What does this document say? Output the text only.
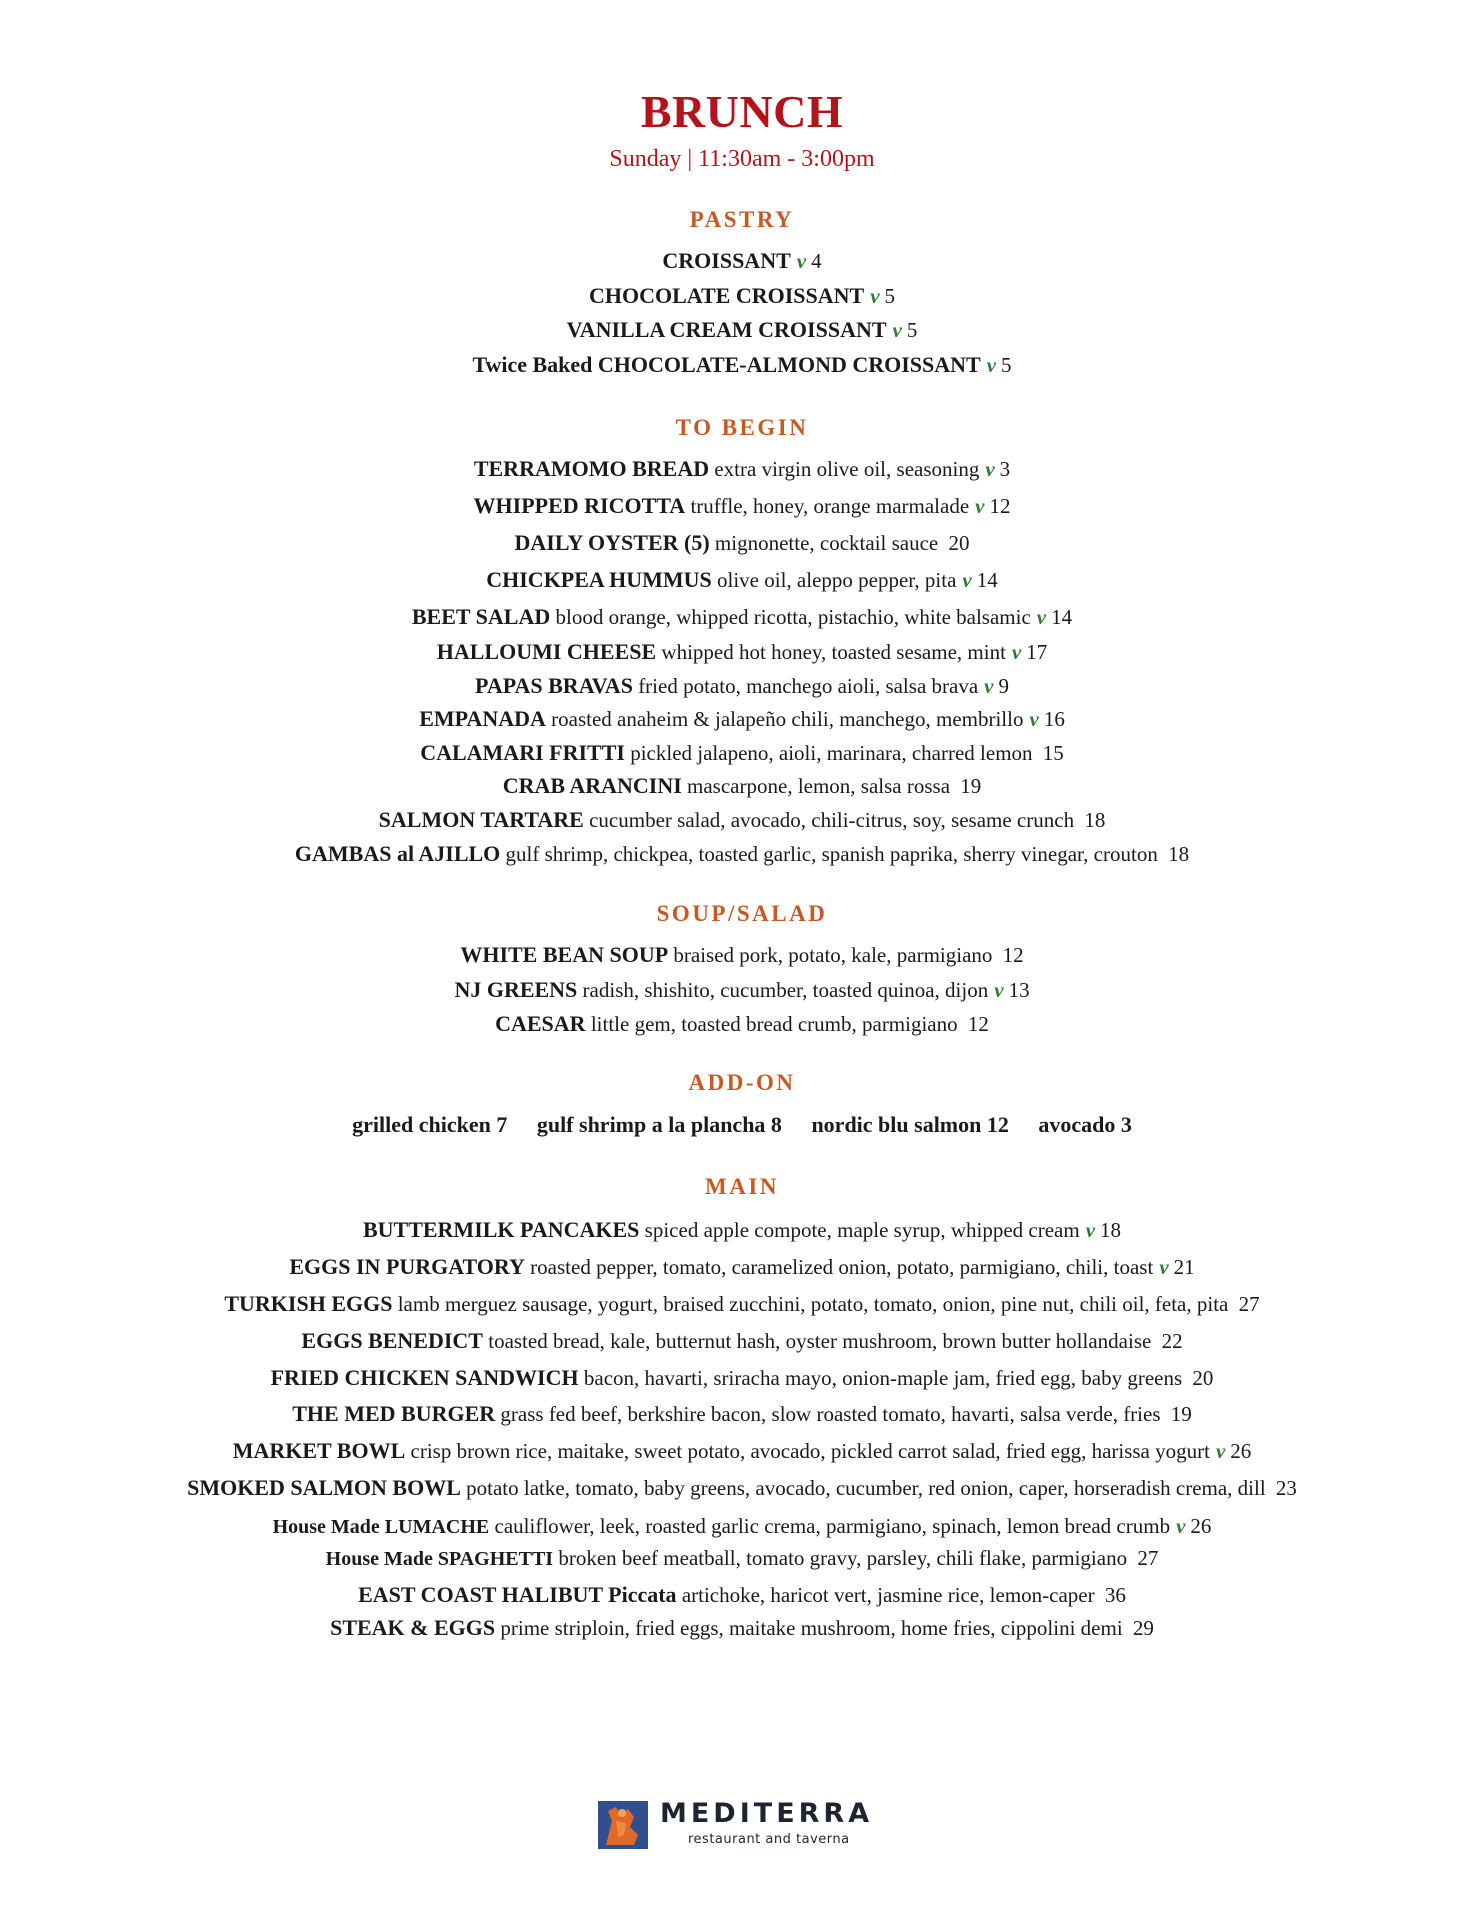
BRUNCH
Sunday | 11:30am - 3:00pm
PASTRY
CROISSANT v 4
CHOCOLATE CROISSANT v 5
VANILLA CREAM CROISSANT v 5
Twice Baked CHOCOLATE-ALMOND CROISSANT v 5
TO BEGIN
TERRAMOMO BREAD extra virgin olive oil, seasoning v 3
WHIPPED RICOTTA truffle, honey, orange marmalade v 12
DAILY OYSTER (5) mignonette, cocktail sauce 20
CHICKPEA HUMMUS olive oil, aleppo pepper, pita v 14
BEET SALAD blood orange, whipped ricotta, pistachio, white balsamic v 14
HALLOUMI CHEESE whipped hot honey, toasted sesame, mint v 17
PAPAS BRAVAS fried potato, manchego aioli, salsa brava v 9
EMPANADA roasted anaheim & jalapeño chili, manchego, membrillo v 16
CALAMARI FRITTI pickled jalapeno, aioli, marinara, charred lemon 15
CRAB ARANCINI mascarpone, lemon, salsa rossa 19
SALMON TARTARE cucumber salad, avocado, chili-citrus, soy, sesame crunch 18
GAMBAS al AJILLO gulf shrimp, chickpea, toasted garlic, spanish paprika, sherry vinegar, crouton 18
SOUP/SALAD
WHITE BEAN SOUP braised pork, potato, kale, parmigiano 12
NJ GREENS radish, shishito, cucumber, toasted quinoa, dijon v 13
CAESAR little gem, toasted bread crumb, parmigiano 12
ADD-ON
grilled chicken 7 gulf shrimp a la plancha 8 nordic blu salmon 12 avocado 3
MAIN
BUTTERMILK PANCAKES spiced apple compote, maple syrup, whipped cream v 18
EGGS IN PURGATORY roasted pepper, tomato, caramelized onion, potato, parmigiano, chili, toast v 21
TURKISH EGGS lamb merguez sausage, yogurt, braised zucchini, potato, tomato, onion, pine nut, chili oil, feta, pita 27
EGGS BENEDICT toasted bread, kale, butternut hash, oyster mushroom, brown butter hollandaise 22
FRIED CHICKEN SANDWICH bacon, havarti, sriracha mayo, onion-maple jam, fried egg, baby greens 20
THE MED BURGER grass fed beef, berkshire bacon, slow roasted tomato, havarti, salsa verde, fries 19
MARKET BOWL crisp brown rice, maitake, sweet potato, avocado, pickled carrot salad, fried egg, harissa yogurt v 26
SMOKED SALMON BOWL potato latke, tomato, baby greens, avocado, cucumber, red onion, caper, horseradish crema, dill 23
House Made LUMACHE cauliflower, leek, roasted garlic crema, parmigiano, spinach, lemon bread crumb v 26
House Made SPAGHETTI broken beef meatball, tomato gravy, parsley, chili flake, parmigiano 27
EAST COAST HALIBUT Piccata artichoke, haricot vert, jasmine rice, lemon-caper 36
STEAK & EGGS prime striploin, fried eggs, maitake mushroom, home fries, cippolini demi 29
MEDITERRA
restaurant and taverna
